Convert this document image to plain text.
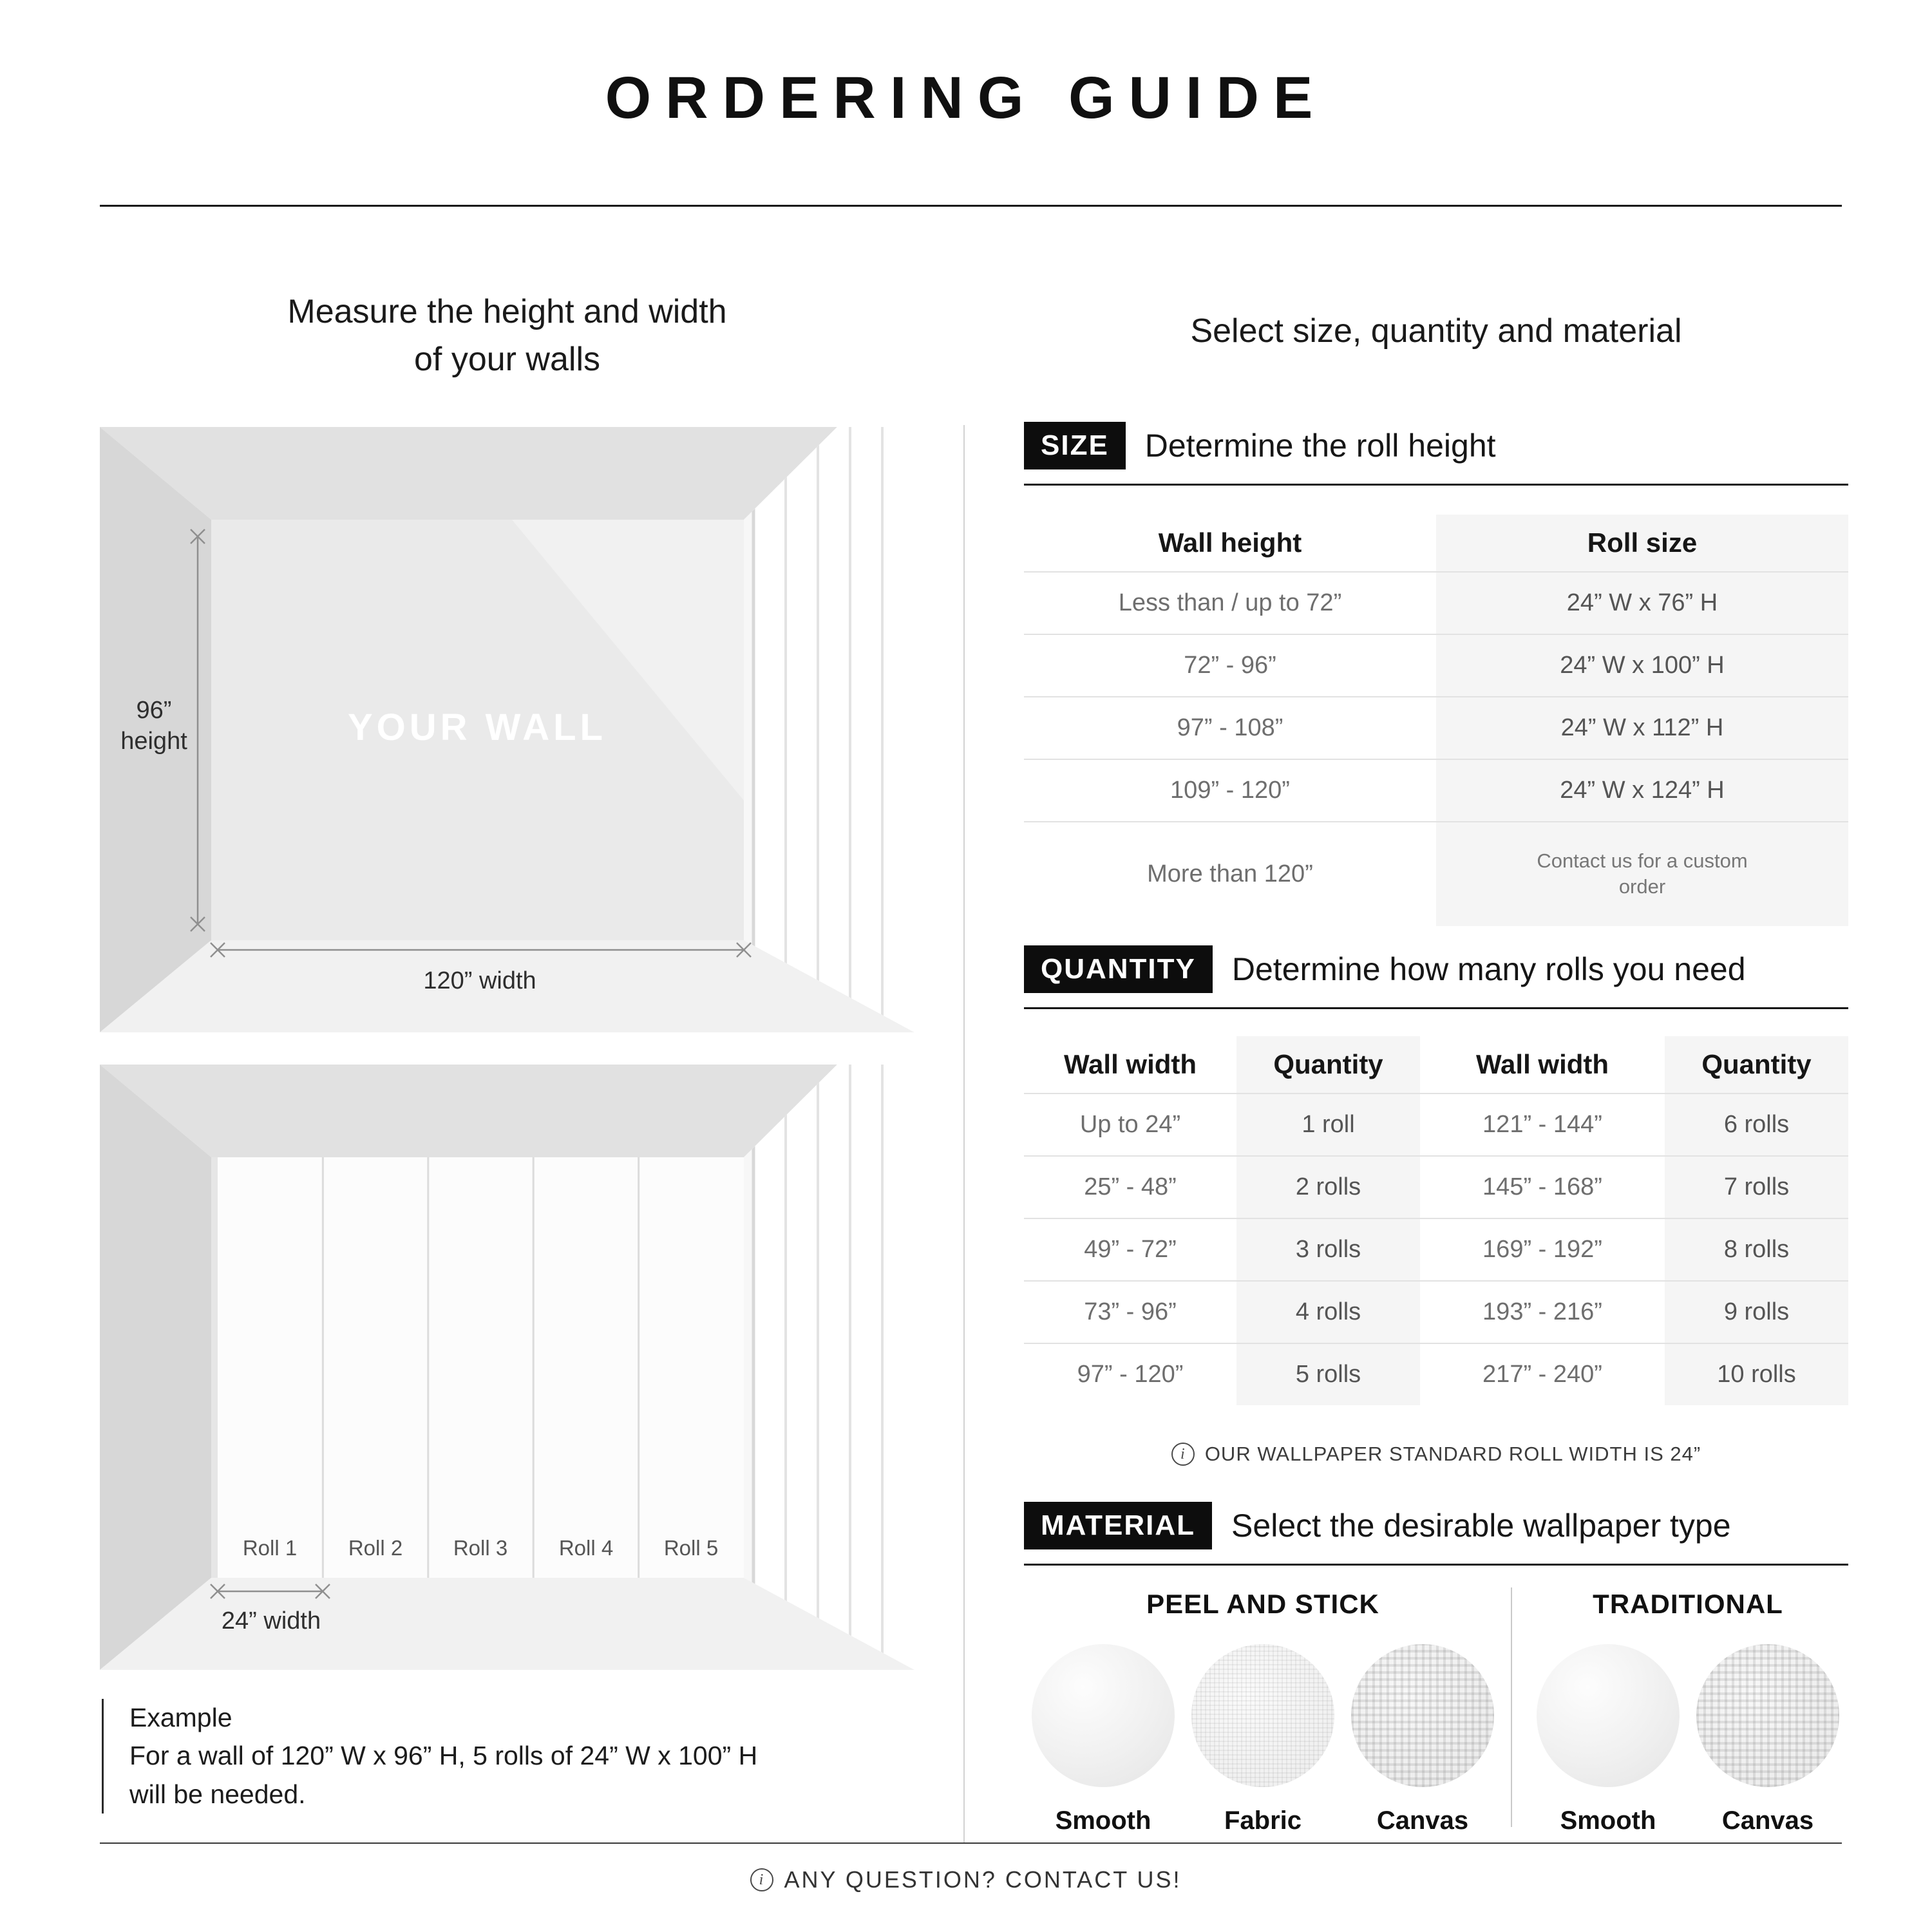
ORDERING GUIDE
Measure the height and width
of your walls
Select size, quantity and material
96”
height	YOUR WALL
120” width
Roll 1 Roll 2 Roll 3 Roll 4 Roll 5
24” width
Example
For a wall of 120” W x 96” H, 5 rolls of 24” W x 100” H
will be needed.
SIZE	Determine the roll height
Wall height	Roll size
Less than / up to 72”	24” W x 76” H
72” - 96”	24” W x 100” H
97” - 108”	24” W x 112” H
109” - 120”	24” W x 124” H
More than 120”	Contact us for a custom order
QUANTITY	Determine how many rolls you need
Wall width	Quantity	Wall width	Quantity
Up to 24”	1 roll	121” - 144”	6 rolls
25” - 48”	2 rolls	145” - 168”	7 rolls
49” - 72”	3 rolls	169” - 192”	8 rolls
73” - 96”	4 rolls	193” - 216”	9 rolls
97” - 120”	5 rolls	217” - 240”	10 rolls
i
OUR WALLPAPER STANDARD ROLL WIDTH IS 24”
MATERIAL	Select the desirable wallpaper type
PEEL AND STICK
Smooth	Fabric	Canvas
TRADITIONAL
Smooth	Canvas
i
ANY QUESTION? CONTACT US!
